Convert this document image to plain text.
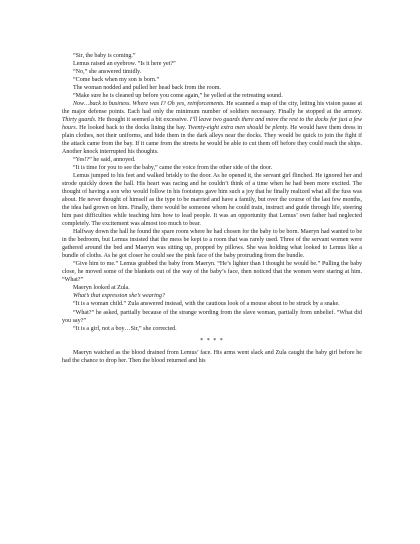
“Sir, the baby is coming.”

Lemus raised an eyebrow. “Is it here yet?”

“No,” she answered timidly.

“Come back when my son is born.”

The woman nodded and pulled her head back from the room.

“Make sure he is cleaned up before you come again,” he yelled at the retreating sound.

Now…back to business. Where was I? Oh yes, reinforcements. He scanned a map of the city, letting his vision pause at the major defense points. Each had only the minimum number of soldiers necessary. Finally he stopped at the armory. Thirty guards. He thought it seemed a bit excessive. I’ll leave two guards there and move the rest to the docks for just a few hours. He looked back to the docks lining the bay. Twenty-eight extra men should be plenty. He would have them dress in plain clothes, not their uniforms, and hide them in the dark alleys near the docks. They would be quick to join the fight if the attack came from the bay. If it came from the streets he would be able to cut them off before they could reach the ships. Another knock interrupted his thoughts.

“Yes!?” he said, annoyed.

“It is time for you to see the baby,” came the voice from the other side of the door.

Lemus jumped to his feet and walked briskly to the door. As he opened it, the servant girl flinched. He ignored her and strode quickly down the hall. His heart was racing and he couldn’t think of a time when he had been more excited. The thought of having a son who would follow in his footsteps gave him such a joy that he finally realized what all the fuss was about. He never thought of himself as the type to be married and have a family, but over the course of the last few months, the idea had grown on him. Finally, there would be someone whom he could train, instruct and guide through life, steering him past difficulties while teaching him how to lead people. It was an opportunity that Lemus’ own father had neglected completely. The excitement was almost too much to bear.

Halfway down the hall he found the spare room where he had chosen for the baby to be born. Maeryn had wanted to be in the bedroom, but Lemus insisted that the mess be kept to a room that was rarely used. Three of the servant women were gathered around the bed and Maeryn was sitting up, propped by pillows. She was holding what looked to Lemus like a bundle of cloths. As he got closer he could see the pink face of the baby protruding from the bundle.

“Give him to me.” Lemus grabbed the baby from Maeryn. “He’s lighter than I thought he would be.” Pulling the baby close, he moved some of the blankets out of the way of the baby’s face, then noticed that the women were staring at him. “What?”

Maeryn looked at Zula.

What’s that expression she’s wearing?

“It is a woman child.” Zula answered instead, with the cautious look of a mouse about to be struck by a snake.

“What?” he asked, partially because of the strange wording from the slave woman, partially from unbelief. “What did you say?”

“It is a girl, not a boy…Sir,” she corrected.

* * * *

Maeryn watched as the blood drained from Lemus’ face. His arms went slack and Zula caught the baby girl before he had the chance to drop her. Then the blood returned and his
